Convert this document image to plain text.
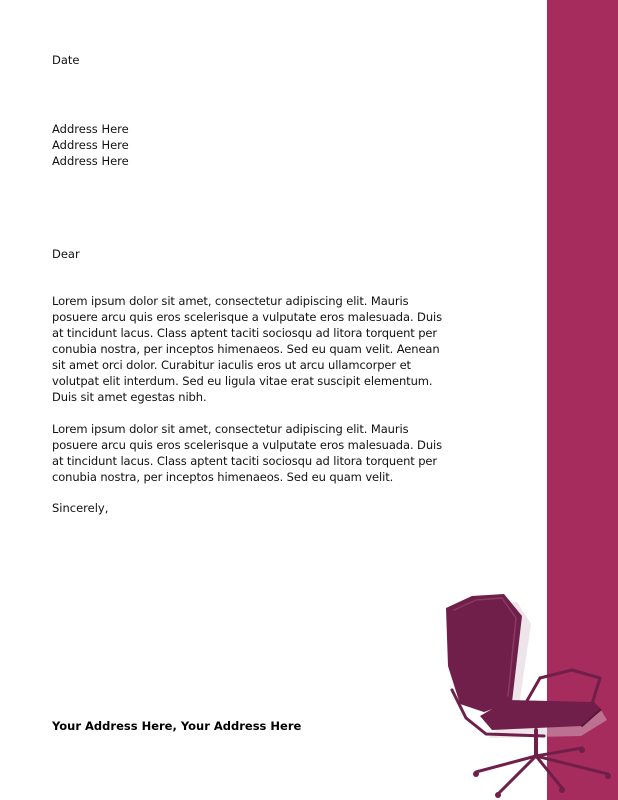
Date
Address Here
Address Here
Address Here
Dear
Lorem ipsum dolor sit amet, consectetur adipiscing elit. Mauris posuere arcu quis eros scelerisque a vulputate eros malesuada. Duis at tincidunt lacus. Class aptent taciti sociosqu ad litora torquent per conubia nostra, per inceptos himenaeos. Sed eu quam velit. Aenean sit amet orci dolor. Curabitur iaculis eros ut arcu ullamcorper et volutpat elit interdum. Sed eu ligula vitae erat suscipit elementum. Duis sit amet egestas nibh.
Lorem ipsum dolor sit amet, consectetur adipiscing elit. Mauris posuere arcu quis eros scelerisque a vulputate eros malesuada. Duis at tincidunt lacus. Class aptent taciti sociosqu ad litora torquent per conubia nostra, per inceptos himenaeos. Sed eu quam velit.
Sincerely,
Your Address Here, Your Address Here
